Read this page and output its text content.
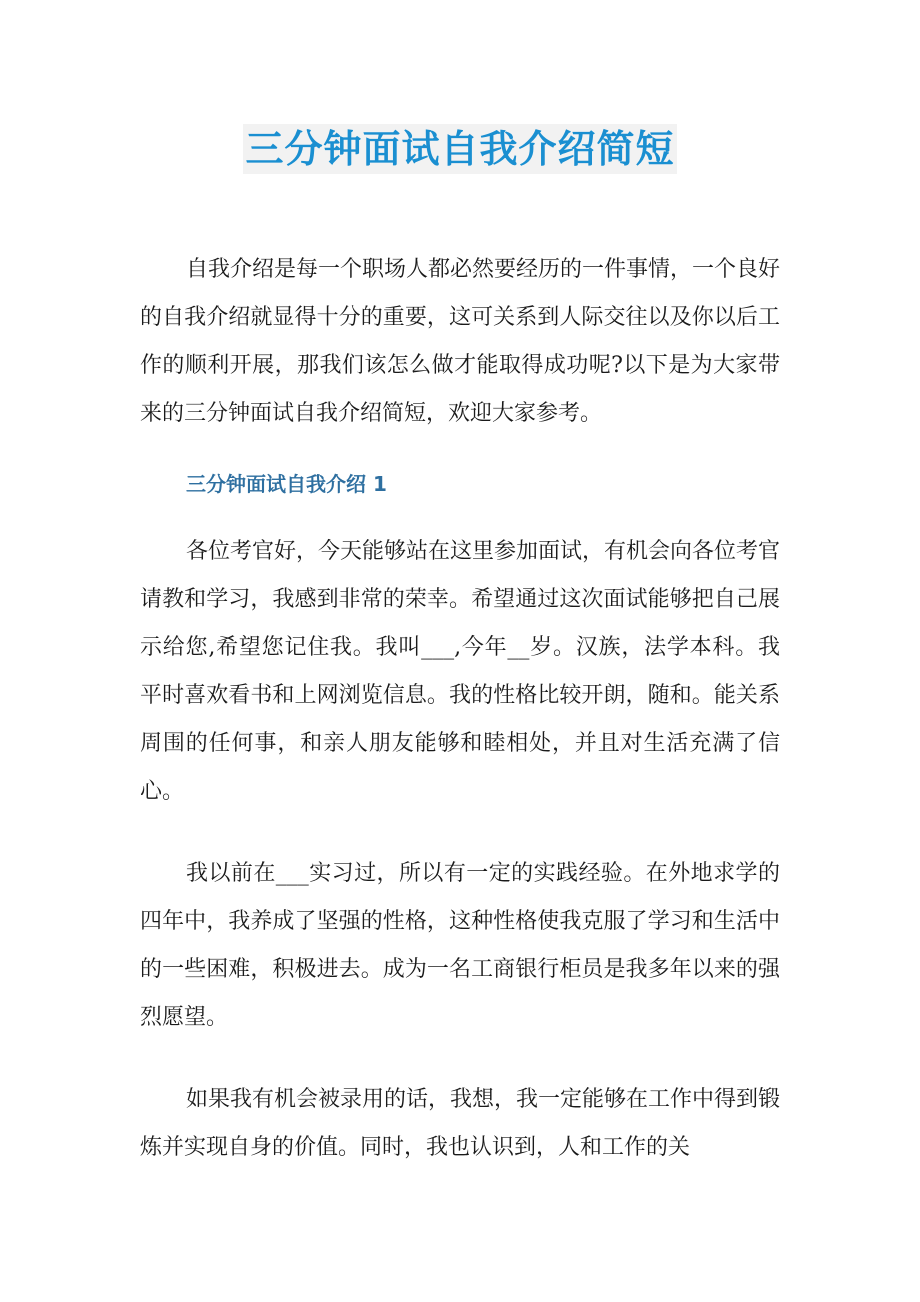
三分钟面试自我介绍简短

自我介绍是每一个职场人都必然要经历的一件事情，一个良好的自我介绍就显得十分的重要，这可关系到人际交往以及你以后工作的顺利开展，那我们该怎么做才能取得成功呢?以下是为大家带来的三分钟面试自我介绍简短，欢迎大家参考。

三分钟面试自我介绍 1

各位考官好，今天能够站在这里参加面试，有机会向各位考官请教和学习，我感到非常的荣幸。希望通过这次面试能够把自己展示给您,希望您记住我。我叫___,今年__岁。汉族，法学本科。我平时喜欢看书和上网浏览信息。我的性格比较开朗，随和。能关系周围的任何事，和亲人朋友能够和睦相处，并且对生活充满了信心。

我以前在___实习过，所以有一定的实践经验。在外地求学的四年中，我养成了坚强的性格，这种性格使我克服了学习和生活中的一些困难，积极进去。成为一名工商银行柜员是我多年以来的强烈愿望。

如果我有机会被录用的话，我想，我一定能够在工作中得到锻炼并实现自身的价值。同时，我也认识到，人和工作的关
